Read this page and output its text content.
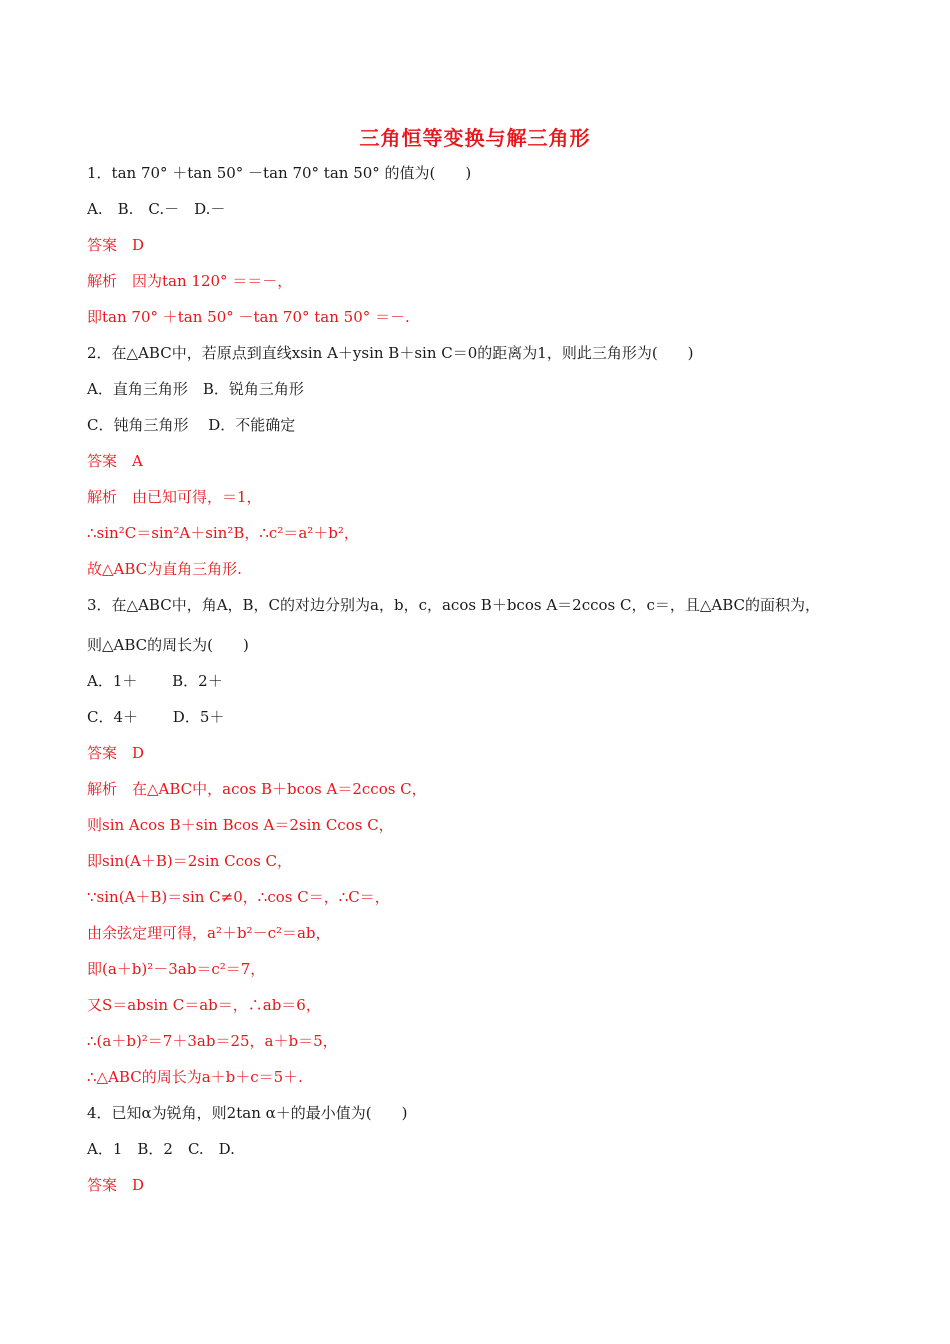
三角恒等变换与解三角形
1．tan 70° ＋tan 50° －tan 70° tan 50° 的值为(　　)
A.　B.　C.－　D.－
答案　D
解析　因为tan 120° ＝＝－，
即tan 70° ＋tan 50° －tan 70° tan 50° ＝－.
2．在△ABC中，若原点到直线xsin A＋ysin B＋sin C＝0的距离为1，则此三角形为(　　)
A．直角三角形　B．锐角三角形
C．钝角三角形　 D．不能确定
答案　A
解析　由已知可得，＝1，
∴sin²C＝sin²A＋sin²B，∴c²＝a²＋b²，
故△ABC为直角三角形.
3．在△ABC中，角A，B，C的对边分别为a，b，c，acos B＋bcos A＝2ccos C，c＝，且△ABC的面积为，
则△ABC的周长为(　　)
A．1＋　　 B．2＋
C．4＋　　 D．5＋
答案　D
解析　在△ABC中，acos B＋bcos A＝2ccos C，
则sin Acos B＋sin Bcos A＝2sin Ccos C，
即sin(A＋B)＝2sin Ccos C，
∵sin(A＋B)＝sin C≠0，∴cos C＝，∴C＝，
由余弦定理可得，a²＋b²－c²＝ab，
即(a＋b)²－3ab＝c²＝7，
又S＝absin C＝ab＝，∴ab＝6，
∴(a＋b)²＝7＋3ab＝25，a＋b＝5，
∴△ABC的周长为a＋b＋c＝5＋.
4．已知α为锐角，则2tan α＋的最小值为(　　)
A．1　B．2　C.　D.
答案　D
